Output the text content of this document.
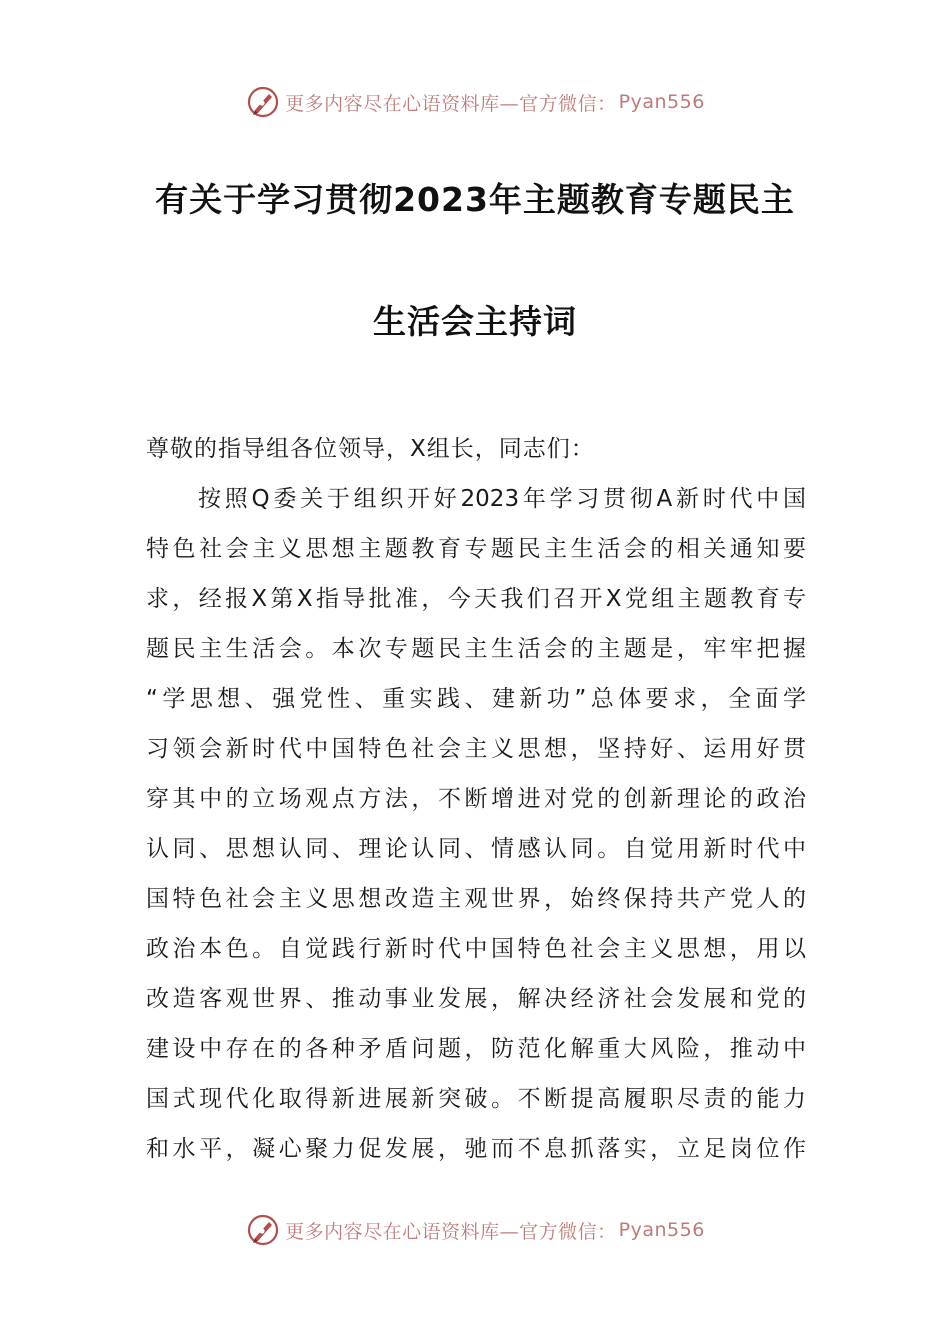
更多内容尽在心语资料库—官方微信： Pyan556
有关于学习贯彻2023年主题教育专题民主
生活会主持词

尊敬的指导组各位领导，X组长，同志们：

按照Q委关于组织开好2023年学习贯彻A新时代中国

特色社会主义思想主题教育专题民主生活会的相关通知要

求，经报X第X指导批准，今天我们召开X党组主题教育专

题民主生活会。本次专题民主生活会的主题是，牢牢把握

“学思想、强党性、重实践、建新功”总体要求，全面学

习领会新时代中国特色社会主义思想，坚持好、运用好贯

穿其中的立场观点方法，不断增进对党的创新理论的政治

认同、思想认同、理论认同、情感认同。自觉用新时代中

国特色社会主义思想改造主观世界，始终保持共产党人的

政治本色。自觉践行新时代中国特色社会主义思想，用以

改造客观世界、推动事业发展，解决经济社会发展和党的

建设中存在的各种矛盾问题，防范化解重大风险，推动中

国式现代化取得新进展新突破。不断提高履职尽责的能力

和水平，凝心聚力促发展，驰而不息抓落实，立足岗位作

更多内容尽在心语资料库—官方微信： Pyan556
